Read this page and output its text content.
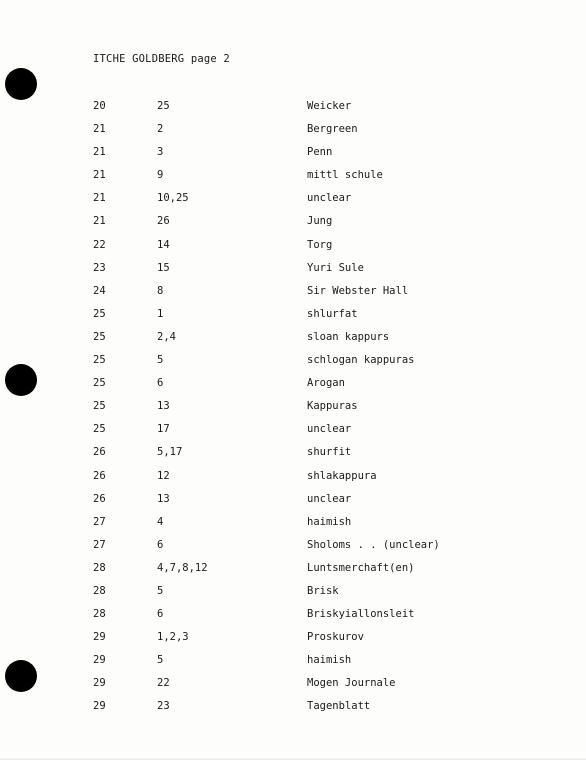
ITCHE GOLDBERG page 2
20	25	Weicker
21	2	Bergreen
21	3	Penn
21	9	mittl schule
21	10,25	unclear
21	26	Jung
22	14	Torg
23	15	Yuri Sule
24	8	Sir Webster Hall
25	1	shlurfat
25	2,4	sloan kappurs
25	5	schlogan kappuras
25	6	Arogan
25	13	Kappuras
25	17	unclear
26	5,17	shurfit
26	12	shlakappura
26	13	unclear
27	4	haimish
27	6	Sholoms . . (unclear)
28	4,7,8,12	Luntsmerchaft(en)
28	5	Brisk
28	6	Briskyiallonsleit
29	1,2,3	Proskurov
29	5	haimish
29	22	Mogen Journale
29	23	Tagenblatt
